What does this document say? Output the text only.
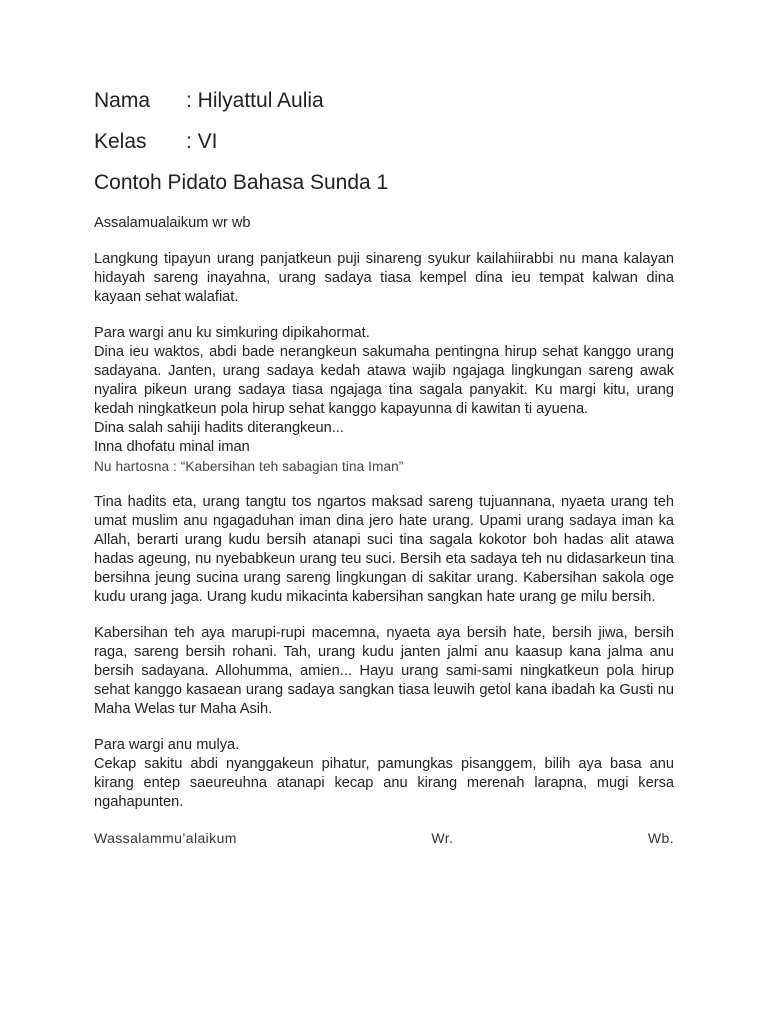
Nama : Hilyattul Aulia
Kelas : VI
Contoh Pidato Bahasa Sunda 1

Assalamualaikum wr wb

Langkung tipayun urang panjatkeun puji sinareng syukur kailahiirabbi nu mana kalayan hidayah sareng inayahna, urang sadaya tiasa kempel dina ieu tempat kalwan dina kayaan sehat walafiat.

Para wargi anu ku simkuring dipikahormat.

Dina ieu waktos, abdi bade nerangkeun sakumaha pentingna hirup sehat kanggo urang sadayana. Janten, urang sadaya kedah atawa wajib ngajaga lingkungan sareng awak nyalira pikeun urang sadaya tiasa ngajaga tina sagala panyakit. Ku margi kitu, urang kedah ningkatkeun pola hirup sehat kanggo kapayunna di kawitan ti ayuena.

Dina salah sahiji hadits diterangkeun...

Inna dhofatu minal iman

Nu hartosna : “Kabersihan teh sabagian tina Iman”

Tina hadits eta, urang tangtu tos ngartos maksad sareng tujuannana, nyaeta urang teh umat muslim anu ngagaduhan iman dina jero hate urang. Upami urang sadaya iman ka Allah, berarti urang kudu bersih atanapi suci tina sagala kokotor boh hadas alit atawa hadas ageung, nu nyebabkeun urang teu suci. Bersih eta sadaya teh nu didasarkeun tina bersihna jeung sucina urang sareng lingkungan di sakitar urang. Kabersihan sakola oge kudu urang jaga. Urang kudu mikacinta kabersihan sangkan hate urang ge milu bersih.

Kabersihan teh aya marupi-rupi macemna, nyaeta aya bersih hate, bersih jiwa, bersih raga, sareng bersih rohani. Tah, urang kudu janten jalmi anu kaasup kana jalma anu bersih sadayana. Allohumma, amien... Hayu urang sami-sami ningkatkeun pola hirup sehat kanggo kasaean urang sadaya sangkan tiasa leuwih getol kana ibadah ka Gusti nu Maha Welas tur Maha Asih.

Para wargi anu mulya.

Cekap sakitu abdi nyanggakeun pihatur, pamungkas pisanggem, bilih aya basa anu kirang entep saeureuhna atanapi kecap anu kirang merenah larapna, mugi kersa ngahapunten.

Wassalammu’alaikum	Wr.	Wb.
